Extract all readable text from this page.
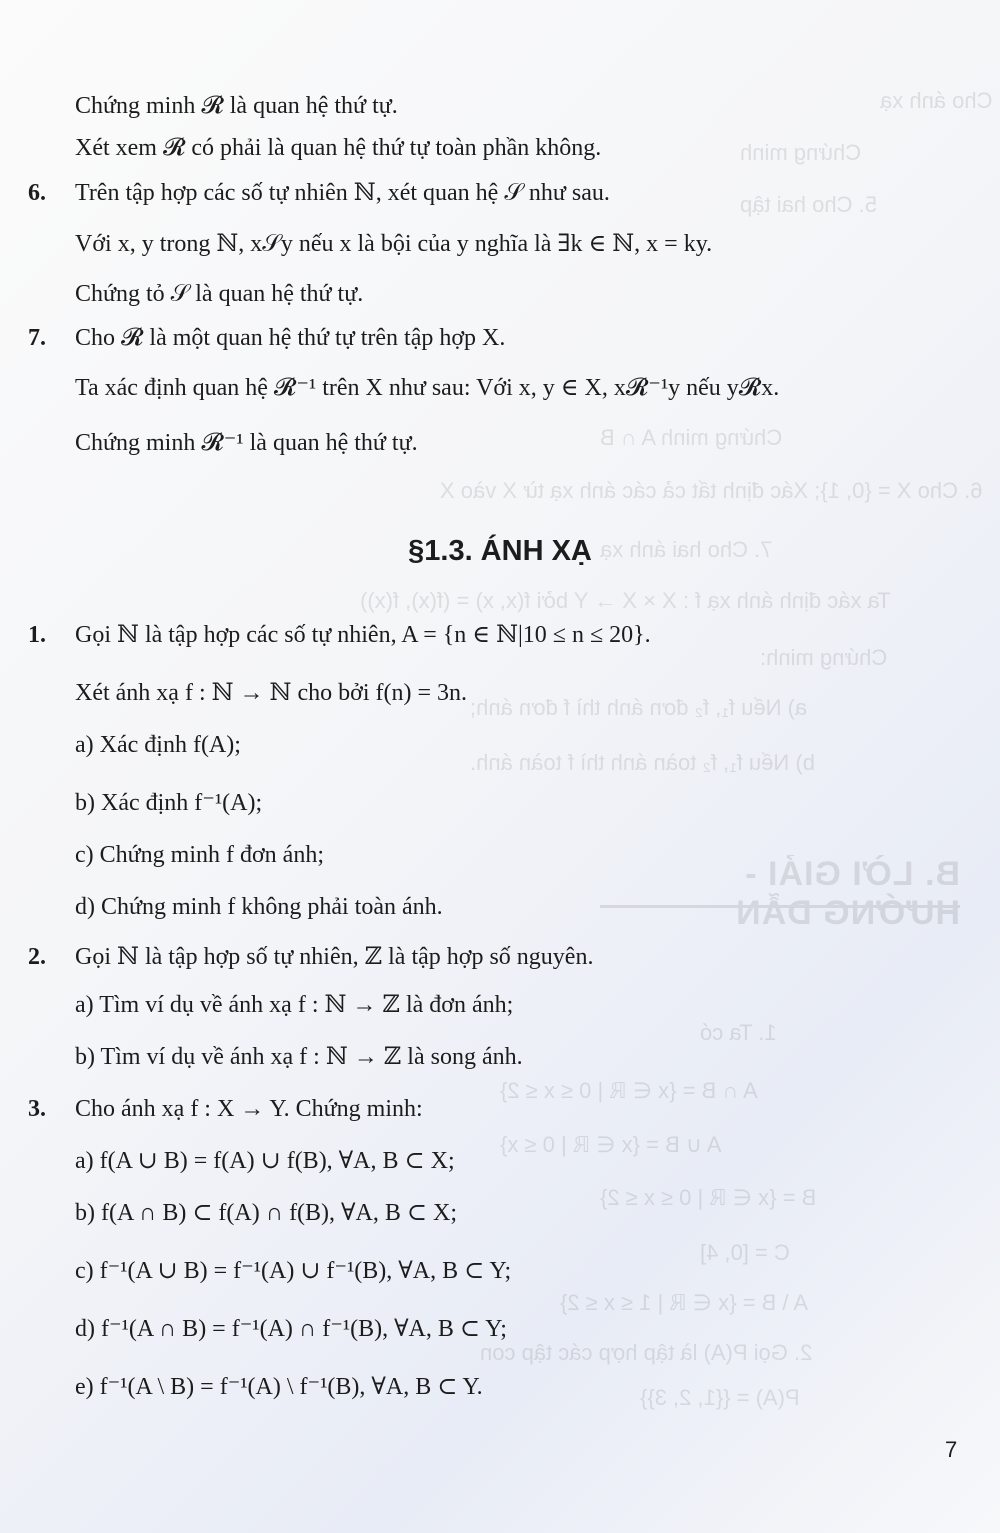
Cho ánh xạ
Chứng minh
5. Cho hai tập
Chứng minh A ∩ B
6. Cho X = {0, 1}; Xác định tất cả các ánh xạ từ X vào X
7. Cho hai ánh xạ
Ta xác định ánh xạ f : X × X → Y bởi f(x, x) = (f(x), f(x))
Chứng minh:
a) Nếu f₁, f₂ đơn ánh thì f đơn ánh;
b) Nếu f₁, f₂ toàn ánh thì f toàn ánh.
B. LỜI GIẢI - HƯỚNG DẪN
1. Ta có
A ∩ B = {x ∈ ℝ | 0 ≤ x ≤ 2}
A ∪ B = {x ∈ ℝ | 0 ≤ x}
B = {x ∈ ℝ | 0 ≤ x ≤ 2}
C = [0, 4]
A \ B = {x ∈ ℝ | 1 ≤ x ≤ 2}
2. Gọi P(A) là tập hợp các tập con
P(A) = {{1, 2, 3}}
Chứng minh 𝓡 là quan hệ thứ tự.
Xét xem 𝓡 có phải là quan hệ thứ tự toàn phần không.
6. Trên tập hợp các số tự nhiên ℕ, xét quan hệ 𝒮 như sau.
Với x, y trong ℕ, x𝒮y nếu x là bội của y nghĩa là ∃k ∈ ℕ, x = ky.
Chứng tỏ 𝒮 là quan hệ thứ tự.
7. Cho 𝓡 là một quan hệ thứ tự trên tập hợp X.
Ta xác định quan hệ 𝓡⁻¹ trên X như sau: Với x, y ∈ X, x𝓡⁻¹y nếu y𝓡x.
Chứng minh 𝓡⁻¹ là quan hệ thứ tự.
§1.3. ÁNH XẠ
1. Gọi ℕ là tập hợp các số tự nhiên, A = {n ∈ ℕ|10 ≤ n ≤ 20}.
Xét ánh xạ f : ℕ → ℕ cho bởi f(n) = 3n.
a) Xác định f(A);
b) Xác định f⁻¹(A);
c) Chứng minh f đơn ánh;
d) Chứng minh f không phải toàn ánh.
2. Gọi ℕ là tập hợp số tự nhiên, ℤ là tập hợp số nguyên.
a) Tìm ví dụ về ánh xạ f : ℕ → ℤ là đơn ánh;
b) Tìm ví dụ về ánh xạ f : ℕ → ℤ là song ánh.
3. Cho ánh xạ f : X → Y. Chứng minh:
a) f(A ∪ B) = f(A) ∪ f(B), ∀A, B ⊂ X;
b) f(A ∩ B) ⊂ f(A) ∩ f(B), ∀A, B ⊂ X;
c) f⁻¹(A ∪ B) = f⁻¹(A) ∪ f⁻¹(B), ∀A, B ⊂ Y;
d) f⁻¹(A ∩ B) = f⁻¹(A) ∩ f⁻¹(B), ∀A, B ⊂ Y;
e) f⁻¹(A \ B) = f⁻¹(A) \ f⁻¹(B), ∀A, B ⊂ Y.
7
